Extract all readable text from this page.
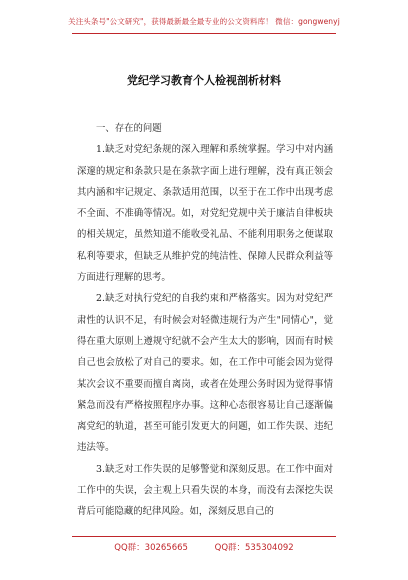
关注头条号"公文研究"，获得最新最全最专业的公文资料库！ 微信：gongwenyj
党纪学习教育个人检视剖析材料

一、存在的问题

1.缺乏对党纪条规的深入理解和系统掌握。学习中对内涵深邃的规定和条款只是在条款字面上进行理解，没有真正领会其内涵和牢记规定、条款适用范围，以至于在工作中出现考虑不全面、不准确等情况。如，对党纪党规中关于廉洁自律板块的相关规定，虽然知道不能收受礼品、不能利用职务之便谋取私利等要求，但缺乏从维护党的纯洁性、保障人民群众利益等方面进行理解的思考。

2.缺乏对执行党纪的自我约束和严格落实。因为对党纪严肃性的认识不足，有时候会对轻微违规行为产生"同情心"，觉得在重大原则上遵规守纪就不会产生太大的影响，因而有时候自己也会放松了对自己的要求。如，在工作中可能会因为觉得某次会议不重要而擅自离岗，或者在处理公务时因为觉得事情紧急而没有严格按照程序办事。这种心态很容易让自己逐渐偏离党纪的轨道，甚至可能引发更大的问题，如工作失误、违纪违法等。

3.缺乏对工作失误的足够警觉和深刻反思。在工作中面对工作中的失误，会主观上只看失误的本身，而没有去深挖失误背后可能隐藏的纪律风险。如，深刻反思自己的

QQ群：30265665	QQ群：535304092
